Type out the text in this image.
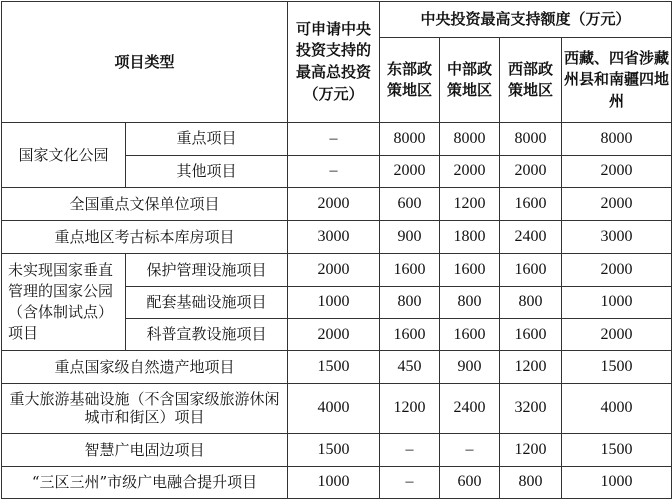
项目类型		可申请中央投资支持的最高总投资（万元）	中央投资最高支持额度（万元）			
			东部政策地区	中部政策地区	西部政策地区	西藏、四省涉藏州县和南疆四地州
国家文化公园	重点项目	–	8000	8000	8000	8000
	其他项目	–	2000	2000	2000	2000
全国重点文保单位项目		2000	600	1200	1600	2000
重点地区考古标本库房项目		3000	900	1800	2400	3000
未实现国家垂直管理的国家公园（含体制试点）项目	保护管理设施项目	2000	1600	1600	1600	2000
	配套基础设施项目	1000	800	800	800	1000
	科普宣教设施项目	2000	1600	1600	1600	2000
重点国家级自然遗产地项目		1500	450	900	1200	1500
重大旅游基础设施（不含国家级旅游休闲城市和街区）项目		4000	1200	2400	3200	4000
智慧广电固边项目		1500	–	–	1200	1500
“三区三州”市级广电融合提升项目		1000	–	600	800	1000
